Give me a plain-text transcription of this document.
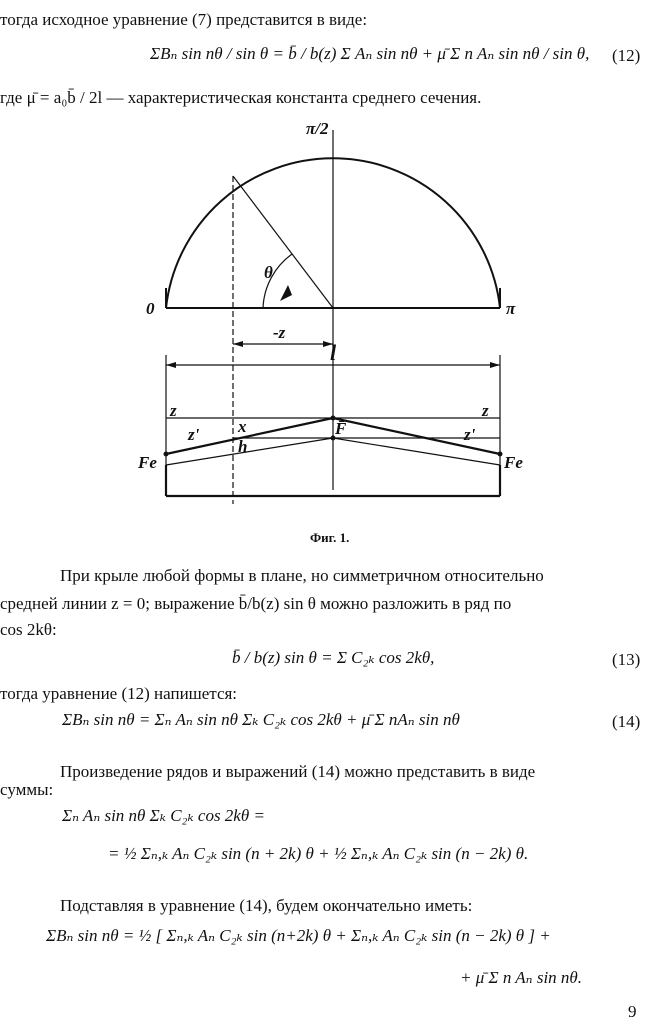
тогда исходное уравнение (7) представится в виде:
ΣBₙ sin nθ / sin θ = b̄ / b(z) Σ Aₙ sin nθ + μ̄ Σ n Aₙ sin nθ / sin θ, (12)
где μ̄ = a₀b̄ / 2l — характеристическая константа среднего сечения.
π/2
0	π
θ
-z
l
z	z
x
h
z'	z'
F̄
Fe	Fe
Фиг. 1.
При крыле любой формы в плане, но симметричном относительно
средней линии z = 0; выражение b̄/b(z) sin θ можно разложить в ряд по
cos 2kθ:
b̄ / b(z) sin θ = Σ C₂ₖ cos 2kθ,	(13)
тогда уравнение (12) напишется:
ΣBₙ sin nθ = Σₙ Aₙ sin nθ Σₖ C₂ₖ cos 2kθ + μ̄ Σ nAₙ sin nθ	(14)
Произведение рядов и выражений (14) можно представить в виде
суммы:
Σₙ Aₙ sin nθ Σₖ C₂ₖ cos 2kθ =
= ½ Σₙ,ₖ Aₙ C₂ₖ sin (n + 2k) θ + ½ Σₙ,ₖ Aₙ C₂ₖ sin (n − 2k) θ.
Подставляя в уравнение (14), будем окончательно иметь:
ΣBₙ sin nθ = ½ [ Σₙ,ₖ Aₙ C₂ₖ sin (n+2k) θ + Σₙ,ₖ Aₙ C₂ₖ sin (n − 2k) θ ] +
+ μ̄ Σ n Aₙ sin nθ.
9
